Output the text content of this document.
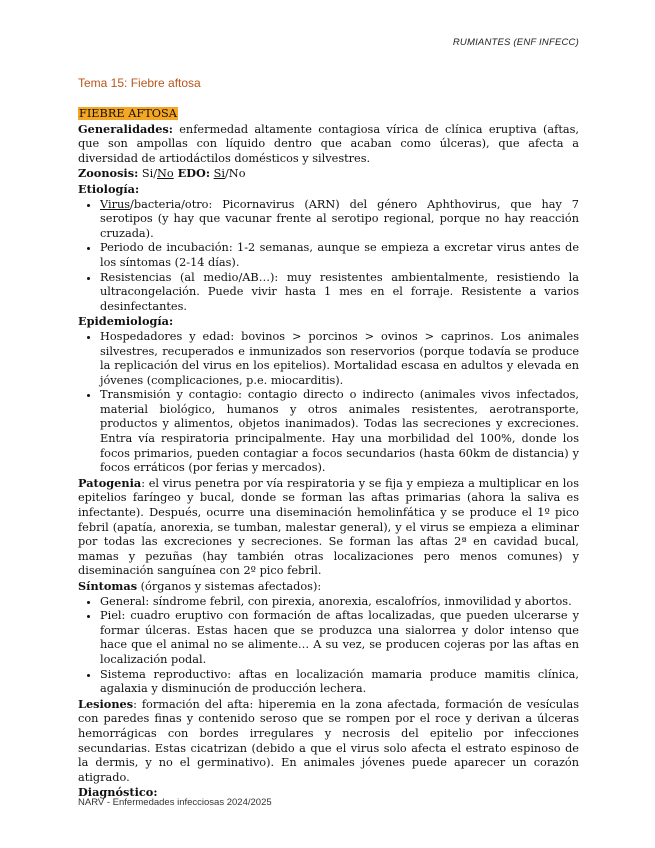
RUMIANTES (ENF INFECC)
Tema 15: Fiebre aftosa

FIEBRE AFTOSA

Generalidades: enfermedad altamente contagiosa vírica de clínica eruptiva (aftas, que son ampollas con líquido dentro que acaban como úlceras), que afecta a diversidad de artiodáctilos domésticos y silvestres.

Zoonosis: Si/No EDO: Si/No

Etiología:

• Virus/bacteria/otro: Picornavirus (ARN) del género Aphthovirus, que hay 7 serotipos (y hay que vacunar frente al serotipo regional, porque no hay reacción cruzada).
• Periodo de incubación: 1-2 semanas, aunque se empieza a excretar virus antes de los síntomas (2-14 días).
• Resistencias (al medio/AB…): muy resistentes ambientalmente, resistiendo la ultracongelación. Puede vivir hasta 1 mes en el forraje. Resistente a varios desinfectantes.

Epidemiología:

• Hospedadores y edad: bovinos > porcinos > ovinos > caprinos. Los animales silvestres, recuperados e inmunizados son reservorios (porque todavía se produce la replicación del virus en los epitelios). Mortalidad escasa en adultos y elevada en jóvenes (complicaciones, p.e. miocarditis).
• Transmisión y contagio: contagio directo o indirecto (animales vivos infectados, material biológico, humanos y otros animales resistentes, aerotransporte, productos y alimentos, objetos inanimados). Todas las secreciones y excreciones. Entra vía respiratoria principalmente. Hay una morbilidad del 100%, donde los focos primarios, pueden contagiar a focos secundarios (hasta 60km de distancia) y focos erráticos (por ferias y mercados).

Patogenia: el virus penetra por vía respiratoria y se fija y empieza a multiplicar en los epitelios faríngeo y bucal, donde se forman las aftas primarias (ahora la saliva es infectante). Después, ocurre una diseminación hemolinfática y se produce el 1º pico febril (apatía, anorexia, se tumban, malestar general), y el virus se empieza a eliminar por todas las excreciones y secreciones. Se forman las aftas 2ª en cavidad bucal, mamas y pezuñas (hay también otras localizaciones pero menos comunes) y diseminación sanguínea con 2º pico febril.

Síntomas (órganos y sistemas afectados):

• General: síndrome febril, con pirexia, anorexia, escalofríos, inmovilidad y abortos.
• Piel: cuadro eruptivo con formación de aftas localizadas, que pueden ulcerarse y formar úlceras. Estas hacen que se produzca una sialorrea y dolor intenso que hace que el animal no se alimente… A su vez, se producen cojeras por las aftas en localización podal.
• Sistema reproductivo: aftas en localización mamaria produce mamitis clínica, agalaxia y disminución de producción lechera.

Lesiones: formación del afta: hiperemia en la zona afectada, formación de vesículas con paredes finas y contenido seroso que se rompen por el roce y derivan a úlceras hemorrágicas con bordes irregulares y necrosis del epitelio por infecciones secundarias. Estas cicatrizan (debido a que el virus solo afecta el estrato espinoso de la dermis, y no el germinativo). En animales jóvenes puede aparecer un corazón atigrado.

Diagnóstico:

NARV - Enfermedades infecciosas 2024/2025
